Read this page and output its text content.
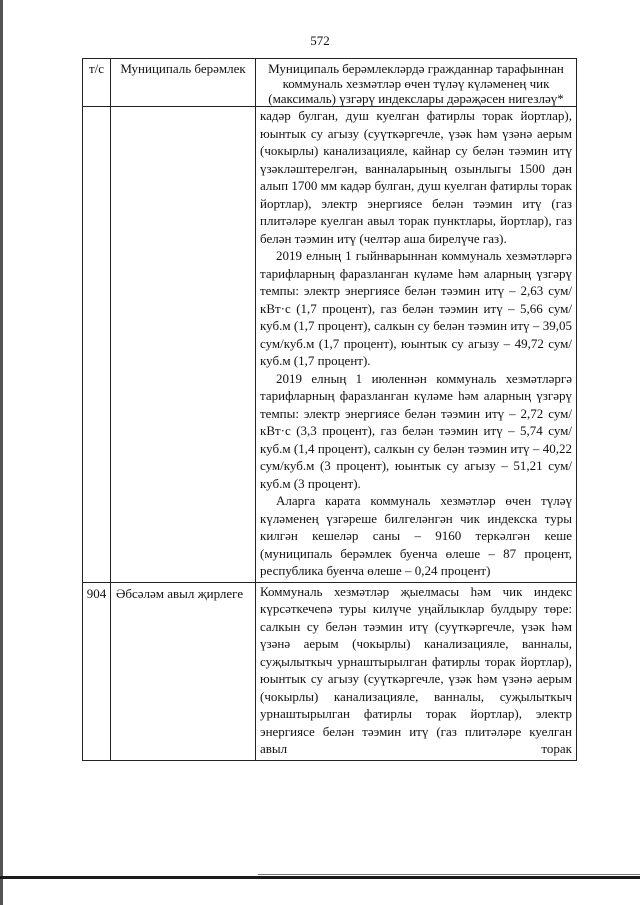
572
т/с	Муниципаль берәмлек	Муниципаль берәмлекләрдә гражданнар тарафыннан коммуналь хезмәтләр өчен түләү күләменең чик (максималь) үзгәрү индекслары дәрәҗәсен нигезләү*

		кадәр булган, душ куелган фатирлы торак йортлар), юынтык су агызу (суүткәргечле, үзәк һәм үзәнә аерым (чокырлы) канализацияле, кайнар су белән тәэмин итү үзәкләштерелгән, ванналарының озынлыгы 1500 дән алып 1700 мм кадәр булган, душ куелган фатирлы торак йортлар), электр энергиясе белән тәэмин итү (газ плитәләре куелган авыл торак пунктлары, йортлар), газ белән тәэмин итү (челтәр аша бирелүче газ).

2019 елның 1 гыйнварыннан коммуналь хезмәтләргә тарифларның фаразланган күләме һәм аларның үзгәрү темпы: электр энергиясе белән тәэмин итү – 2,63 сум/кВт·с (1,7 процент), газ белән тәэмин итү – 5,66 сум/куб.м (1,7 процент), салкын су белән тәэмин итү – 39,05 сум/куб.м (1,7 процент), юынтык су агызу – 49,72 сум/куб.м (1,7 процент).

2019 елның 1 июленнән коммуналь хезмәтләргә тарифларның фаразланган күләме һәм аларның үзгәрү темпы: электр энергиясе белән тәэмин итү – 2,72 сум/кВт·с (3,3 процент), газ белән тәэмин итү – 5,74 сум/куб.м (1,4 процент), салкын су белән тәэмин итү – 40,22 сум/куб.м (3 процент), юынтык су агызу – 51,21 сум/куб.м (3 процент).

Аларга карата коммуналь хезмәтләр өчен түләү күләменең үзгәреше билгеләнгән чик индекска туры килгән кешеләр саны – 9160 теркәлгән кеше (муниципаль берәмлек буенча өлеше – 87 процент, республика буенча өлеше – 0,24 процент)

904	Әбсәләм авыл җирлеге	Коммуналь хезмәтләр җыелмасы һәм чик индекс күрсәткечenә туры килүче уңайлыклар булдыру төре: салкын су белән тәэмин итү (суүткәргечле, үзәк һәм үзәнә аерым (чокырлы) канализацияле, ванналы, суҗылыткыч урнаштырылган фатирлы торак йортлар), юынтык су агызу (суүткәргечле, үзәк һәм үзәнә аерым (чокырлы) канализацияле, ванналы, суҗылыткыч урнаштырылган фатирлы торак йортлар), электр энергиясе белән тәэмин итү (газ плитәләре куелган авыл торак
